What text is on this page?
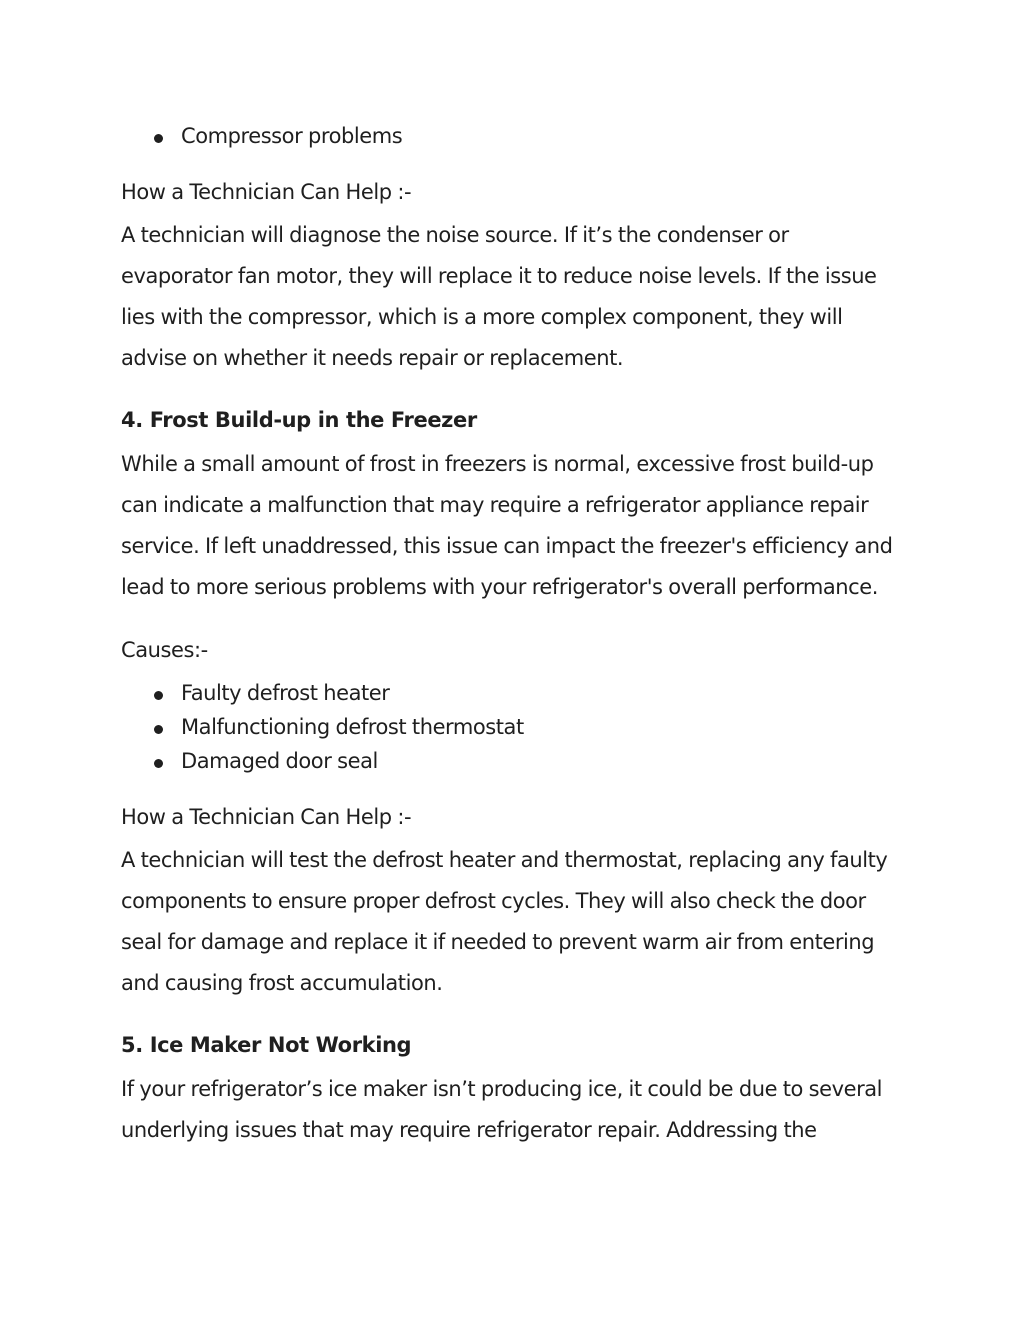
Compressor problems

How a Technician Can Help :-

A technician will diagnose the noise source. If it’s the condenser or
evaporator fan motor, they will replace it to reduce noise levels. If the issue
lies with the compressor, which is a more complex component, they will
advise on whether it needs repair or replacement.

4. Frost Build-up in the Freezer

While a small amount of frost in freezers is normal, excessive frost build-up
can indicate a malfunction that may require a refrigerator appliance repair
service. If left unaddressed, this issue can impact the freezer's efficiency and
lead to more serious problems with your refrigerator's overall performance.

Causes:-

Faulty defrost heater
Malfunctioning defrost thermostat
Damaged door seal

How a Technician Can Help :-

A technician will test the defrost heater and thermostat, replacing any faulty
components to ensure proper defrost cycles. They will also check the door
seal for damage and replace it if needed to prevent warm air from entering
and causing frost accumulation.

5. Ice Maker Not Working

If your refrigerator’s ice maker isn’t producing ice, it could be due to several
underlying issues that may require refrigerator repair. Addressing the
